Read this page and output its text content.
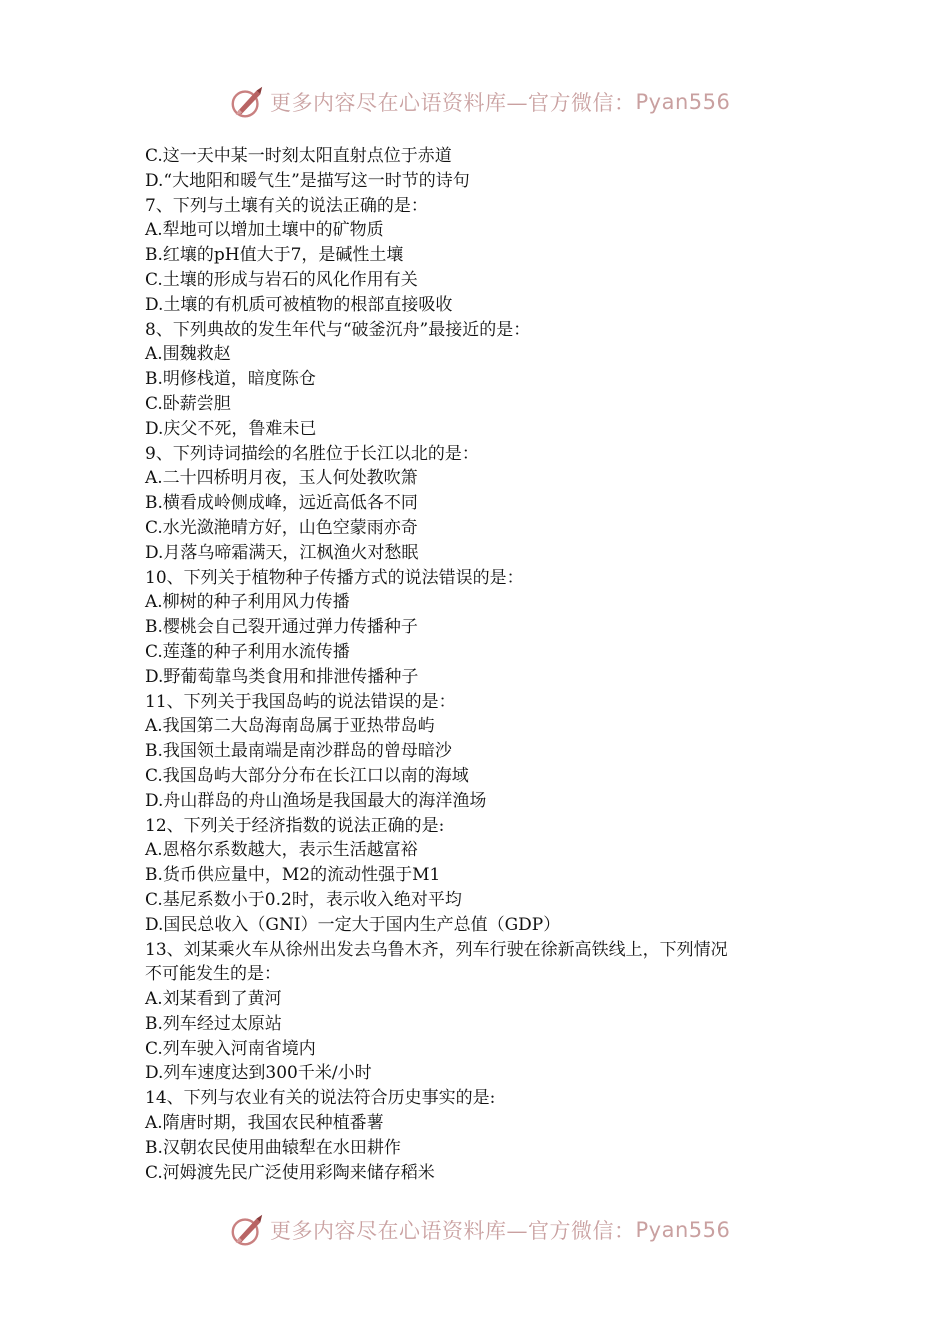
更多内容尽在心语资料库—官方微信： Pyan556
C.这一天中某一时刻太阳直射点位于赤道
D.“大地阳和暖气生”是描写这一时节的诗句
7、下列与土壤有关的说法正确的是：
A.犁地可以增加土壤中的矿物质
B.红壤的pH值大于7，是碱性土壤
C.土壤的形成与岩石的风化作用有关
D.土壤的有机质可被植物的根部直接吸收
8、下列典故的发生年代与“破釜沉舟”最接近的是：
A.围魏救赵
B.明修栈道，暗度陈仓
C.卧薪尝胆
D.庆父不死，鲁难未已
9、下列诗词描绘的名胜位于长江以北的是：
A.二十四桥明月夜，玉人何处教吹箫
B.横看成岭侧成峰，远近高低各不同
C.水光潋滟晴方好，山色空蒙雨亦奇
D.月落乌啼霜满天，江枫渔火对愁眠
10、下列关于植物种子传播方式的说法错误的是：
A.柳树的种子利用风力传播
B.樱桃会自己裂开通过弹力传播种子
C.莲蓬的种子利用水流传播
D.野葡萄靠鸟类食用和排泄传播种子
11、下列关于我国岛屿的说法错误的是：
A.我国第二大岛海南岛属于亚热带岛屿
B.我国领土最南端是南沙群岛的曾母暗沙
C.我国岛屿大部分分布在长江口以南的海域
D.舟山群岛的舟山渔场是我国最大的海洋渔场
12、下列关于经济指数的说法正确的是:
A.恩格尔系数越大，表示生活越富裕
B.货币供应量中，M2的流动性强于M1
C.基尼系数小于0.2时，表示收入绝对平均
D.国民总收入（GNI）一定大于国内生产总值（GDP）
13、刘某乘火车从徐州出发去乌鲁木齐，列车行驶在徐新高铁线上，下列情况
不可能发生的是：
A.刘某看到了黄河
B.列车经过太原站
C.列车驶入河南省境内
D.列车速度达到300千米/小时
14、下列与农业有关的说法符合历史事实的是:
A.隋唐时期，我国农民种植番薯
B.汉朝农民使用曲辕犁在水田耕作
C.河姆渡先民广泛使用彩陶来储存稻米
更多内容尽在心语资料库—官方微信： Pyan556
